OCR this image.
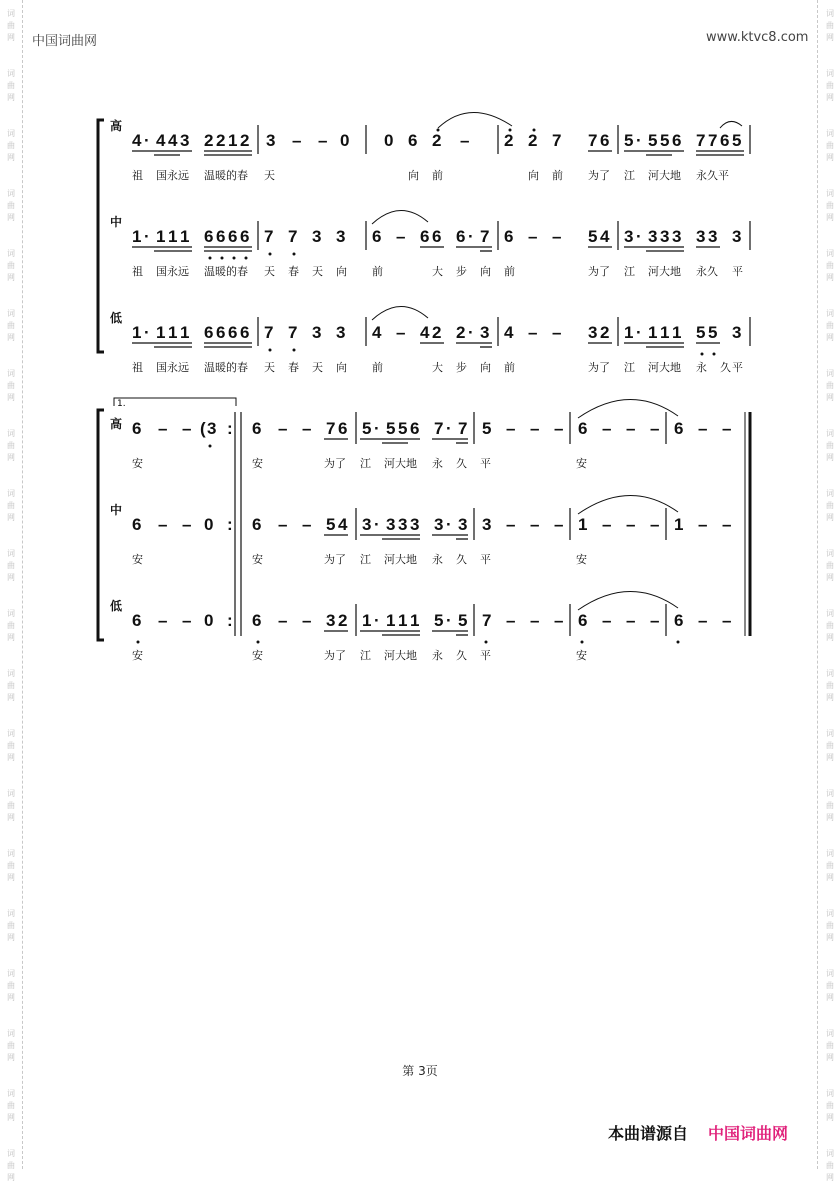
词
曲
网
词
曲
网
词
曲
网
词
曲
网
词
曲
网
词
曲
网
词
曲
网
词
曲
网
词
曲
网
词
曲
网
词
曲
网
词
曲
网
词
曲
网
词
曲
网
词
曲
网
词
曲
网
词
曲
网
词
曲
网
词
曲
网
词
曲
网
词
曲
网
词
曲
网
词
曲
网
词
曲
网
词
曲
网
词
曲
网
词
曲
网
词
曲
网
词
曲
网
词
曲
网
词
曲
网
词
曲
网
词
曲
网
词
曲
网
词
曲
网
词
曲
网
词
曲
网
词
曲
网
词
曲
网
词
曲
网
中国词曲网	www.ktvc8.com
高
中
低
4 · 4 4 3 2 2 1 2 3 – – 0 0 6 2 – 2 2 7 7 6 5 · 5 5 6 7 7 6 5
祖 国永远 温暖的春 天	向 前	向 前 为了 江 河大地 永久平
1 · 1 1 1 6 6 6 6 7 7 3 3 6 – 6 6 6 · 7 6 – – 5 4 3 · 3 3 3 3 3 3
祖 国永远 温暖的春 天 春 天 向 前	大 步 向 前	为了 江 河大地 永久 平
1 · 1 1 1 6 6 6 6 7 7 3 3 4 – 4 2 2 · 3 4 – – 3 2 1 · 1 1 1 5 5 3
祖 国永远 温暖的春 天 春 天 向 前	大 步 向 前	为了 江 河大地 永 久 平
高
中
低
1.
6 – – ( 3 : 6 – – 7 6 5 · 5 5 6 7 · 7 5 – – – 6 – – – 6 – –
安	安	为了 江 河大地 永 久 平	安
6 – – 0 : 6 – – 5 4 3 · 3 3 3 3 · 3 3 – – – 1 – – – 1 – –
安	安	为了 江 河大地 永 久 平	安
6 – – 0 : 6 – – 3 2 1 · 1 1 1 5 · 5 7 – – – 6 – – – 6 – –
安	安	为了 江 河大地 永 久 平	安
第 3页
本曲谱源自 中国词曲网
